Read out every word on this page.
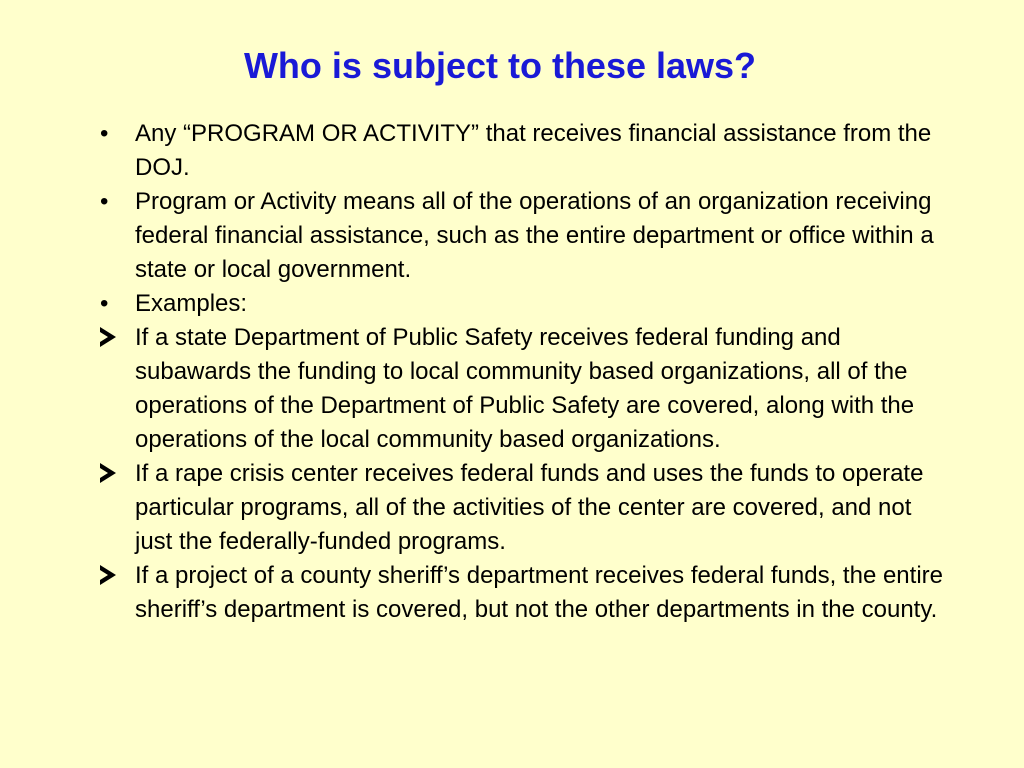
Who is subject to these laws?
•	Any “PROGRAM OR ACTIVITY” that receives financial assistance from the DOJ.
•	Program or Activity means all of the operations of an organization receiving federal financial assistance, such as the entire department or office within a state or local government.
•	Examples:
If a state Department of Public Safety receives federal funding and subawards the funding to local community based organizations, all of the operations of the Department of Public Safety are covered, along with the operations of the local community based organizations.
If a rape crisis center receives federal funds and uses the funds to operate particular programs, all of the activities of the center are covered, and not just the federally-funded programs.
If a project of a county sheriff’s department receives federal funds, the entire sheriff’s department is covered, but not the other departments in the county.
